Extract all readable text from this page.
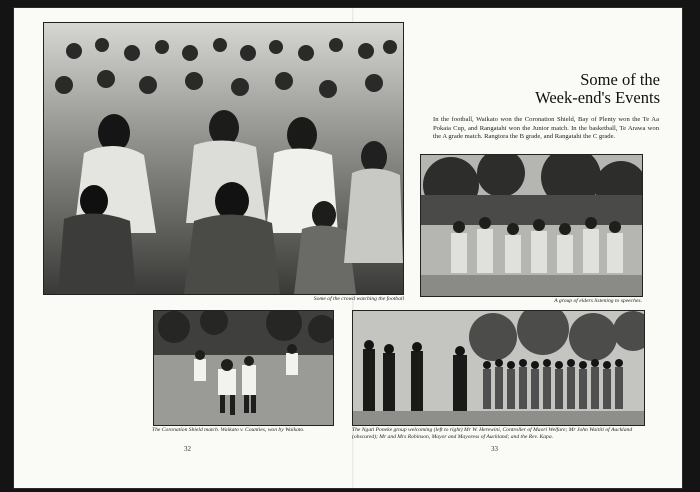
Some of the crowd watching the football
Some of the
Week-end's Events
In the football, Waikato won the Coronation Shield, Bay of Plenty won the Te Aa Pokaia Cup, and Rangatahi won the Junior match. In the basketball, Te Arawa won the A grade match. Rangiora the B grade, and Rangatahi the C grade.
A group of elders listening to speeches.
The Coronation Shield match. Waikato v. Counties, won by Waikato.	The Ngati Poneke group welcoming (left to right) Mr W. Herewini, Controller of Maori Welfare; Mr John Waititi of Auckland (obscured); Mr and Mrs Robinson, Mayor and Mayoress of Auckland; and the Rev. Kapa.
32	33
